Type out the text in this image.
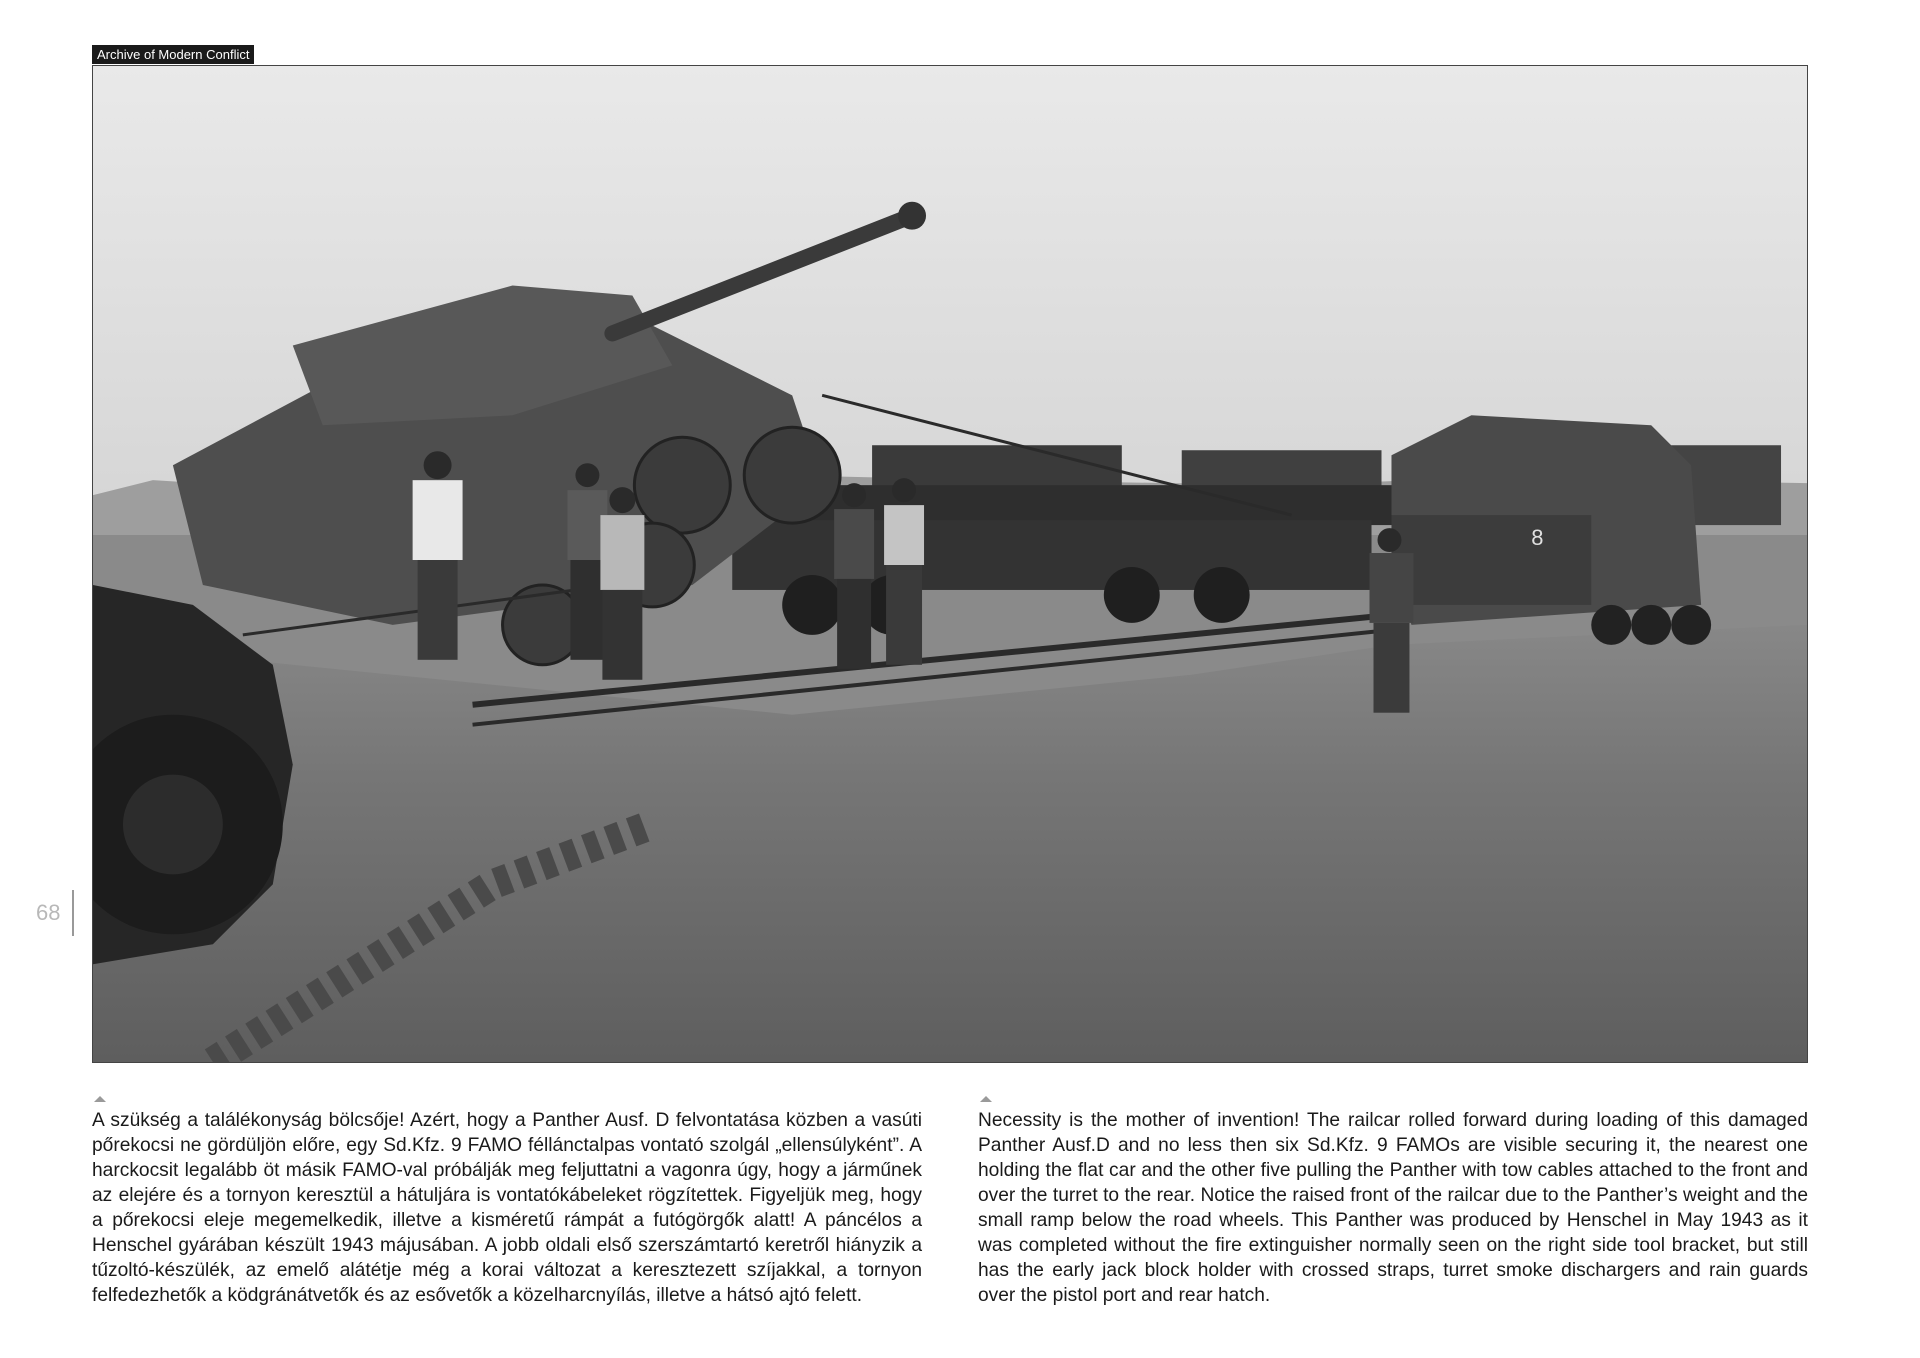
Archive of Modern Conflict
8
68
A szükség a találékonyság bölcsője! Azért, hogy a Panther Ausf. D felvontatása közben a vasúti pőrekocsi ne gördüljön előre, egy Sd.Kfz. 9 FAMO féllánctalpas vontató szolgál „ellensúlyként”. A harckocsit legalább öt másik FAMO-val próbálják meg feljuttatni a vagonra úgy, hogy a járműnek az elejére és a tornyon keresztül a hátuljára is vontatókábeleket rögzítettek. Figyeljük meg, hogy a pőrekocsi eleje megemelkedik, illetve a kisméretű rámpát a futógörgők alatt! A páncélos a Henschel gyárában készült 1943 májusában. A jobb oldali első szerszámtartó keretről hiányzik a tűzoltó-készülék, az emelő alátétje még a korai változat a keresztezett szíjakkal, a tornyon felfedezhetők a ködgránátvetők és az esővetők a közelharcnyílás, illetve a hátsó ajtó felett.
Necessity is the mother of invention! The railcar rolled forward during loading of this damaged Panther Ausf.D and no less then six Sd.Kfz. 9 FAMOs are visible securing it, the nearest one holding the flat car and the other five pulling the Panther with tow cables attached to the front and over the turret to the rear. Notice the raised front of the railcar due to the Panther’s weight and the small ramp below the road wheels. This Panther was produced by Henschel in May 1943 as it was completed without the fire extinguisher normally seen on the right side tool bracket, but still has the early jack block holder with crossed straps, turret smoke dischargers and rain guards over the pistol port and rear hatch.
